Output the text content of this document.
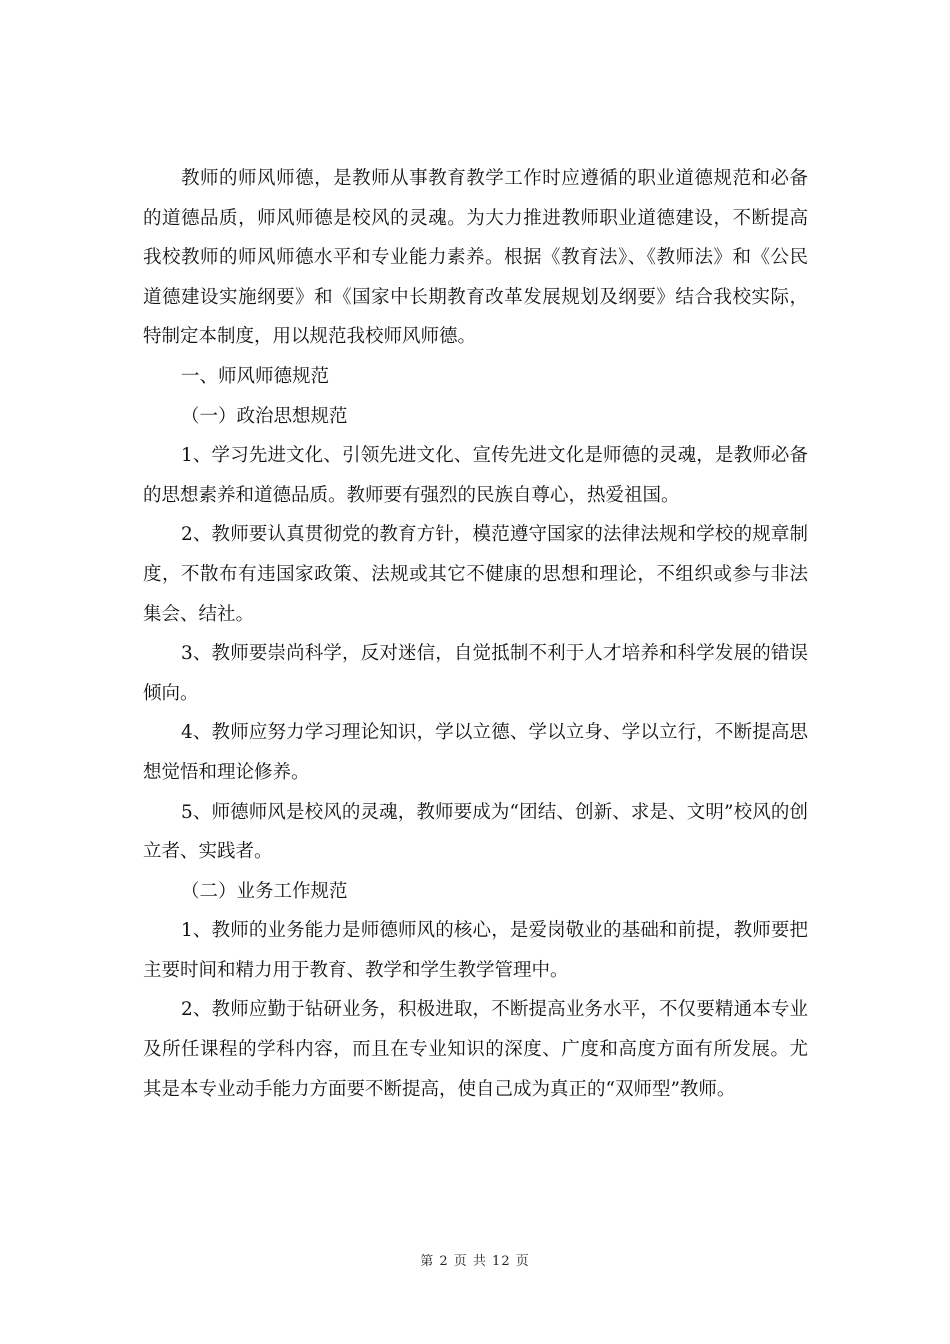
教师的师风师德，是教师从事教育教学工作时应遵循的职业道德规范和必备的道德品质，师风师德是校风的灵魂。为大力推进教师职业道德建设，不断提高我校教师的师风师德水平和专业能力素养。根据《教育法》、《教师法》和《公民道德建设实施纲要》和《国家中长期教育改革发展规划及纲要》结合我校实际，特制定本制度，用以规范我校师风师德。

一、师风师德规范

（一）政治思想规范

1、学习先进文化、引领先进文化、宣传先进文化是师德的灵魂，是教师必备的思想素养和道德品质。教师要有强烈的民族自尊心，热爱祖国。

2、教师要认真贯彻党的教育方针，模范遵守国家的法律法规和学校的规章制度，不散布有违国家政策、法规或其它不健康的思想和理论，不组织或参与非法集会、结社。

3、教师要崇尚科学，反对迷信，自觉抵制不利于人才培养和科学发展的错误倾向。

4、教师应努力学习理论知识，学以立德、学以立身、学以立行，不断提高思想觉悟和理论修养。

5、师德师风是校风的灵魂，教师要成为“团结、创新、求是、文明”校风的创立者、实践者。

（二）业务工作规范

1、教师的业务能力是师德师风的核心，是爱岗敬业的基础和前提，教师要把主要时间和精力用于教育、教学和学生教学管理中。

2、教师应勤于钻研业务，积极进取，不断提高业务水平，不仅要精通本专业及所任课程的学科内容，而且在专业知识的深度、广度和高度方面有所发展。尤其是本专业动手能力方面要不断提高，使自己成为真正的“双师型”教师。

第 2 页 共 12 页
